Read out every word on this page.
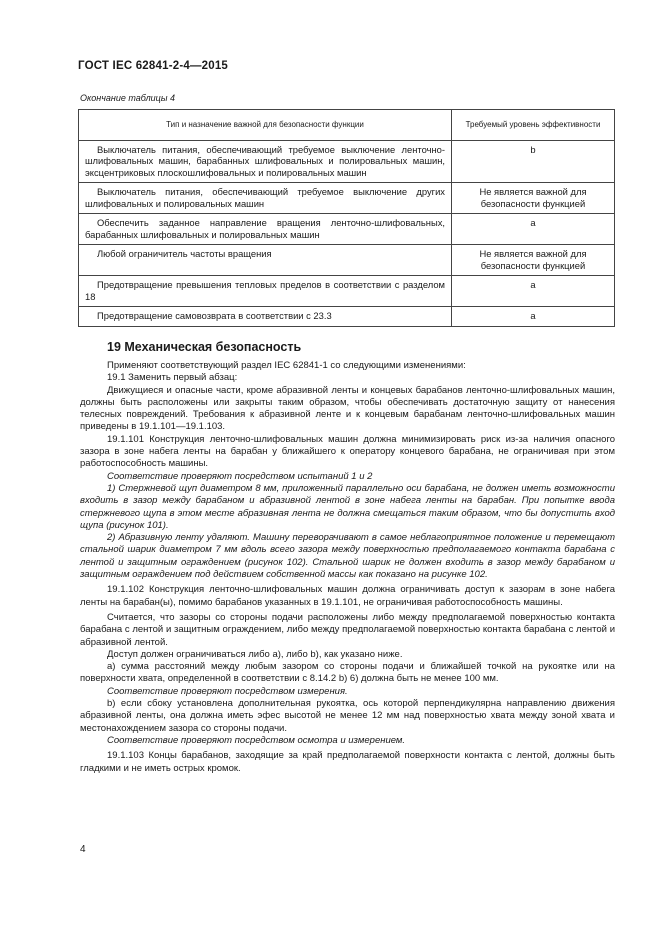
ГОСТ IEC 62841-2-4—2015
Окончание таблицы 4
Тип и назначение важной для безопасности функции	Требуемый уровень эффективности
Выключатель питания, обеспечивающий требуемое выключение ленточно-шлифовальных машин, барабанных шлифовальных и полировальных машин, эксцентриковых плоскошлифовальных и полировальных машин	b
Выключатель питания, обеспечивающий требуемое выключение других шлифовальных и полировальных машин	Не является важной для безопасности функцией
Обеспечить заданное направление вращения ленточно-шлифовальных, барабанных шлифовальных и полировальных машин	a
Любой ограничитель частоты вращения	Не является важной для безопасности функцией
Предотвращение превышения тепловых пределов в соответствии с разделом 18	a
Предотвращение самовозврата в соответствии с 23.3	a
19 Механическая безопасность

Применяют соответствующий раздел IEC 62841-1 со следующими изменениями:

19.1 Заменить первый абзац:

Движущиеся и опасные части, кроме абразивной ленты и концевых барабанов ленточно-шлифовальных машин, должны быть расположены или закрыты таким образом, чтобы обеспечивать достаточную защиту от нанесения телесных повреждений. Требования к абразивной ленте и к концевым барабанам ленточно-шлифовальных машин приведены в 19.1.101—19.1.103.

19.1.101 Конструкция ленточно-шлифовальных машин должна минимизировать риск из-за наличия опасного зазора в зоне набега ленты на барабан у ближайшего к оператору концевого барабана, не ограничивая при этом работоспособность машины.

Соответствие проверяют посредством испытаний 1 и 2

1) Стержневой щуп диаметром 8 мм, приложенный параллельно оси барабана, не должен иметь возможности входить в зазор между барабаном и абразивной лентой в зоне набега ленты на барабан. При попытке ввода стержневого щупа в этом месте абразивная лента не должна смещаться таким образом, что бы допустить вход щупа (рисунок 101).

2) Абразивную ленту удаляют. Машину переворачивают в самое неблагоприятное положение и перемещают стальной шарик диаметром 7 мм вдоль всего зазора между поверхностью предполагаемого контакта барабана с лентой и защитным ограждением (рисунок 102). Стальной шарик не должен входить в зазор между барабаном и защитным ограждением под действием собственной массы как показано на рисунке 102.

19.1.102 Конструкция ленточно-шлифовальных машин должна ограничивать доступ к зазорам в зоне набега ленты на барабан(ы), помимо барабанов указанных в 19.1.101, не ограничивая работоспособность машины.

Считается, что зазоры со стороны подачи расположены либо между предполагаемой поверхностью контакта барабана с лентой и защитным ограждением, либо между предполагаемой поверхностью контакта барабана с лентой и абразивной лентой.

Доступ должен ограничиваться либо a), либо b), как указано ниже.

a) сумма расстояний между любым зазором со стороны подачи и ближайшей точкой на рукоятке или на поверхности хвата, определенной в соответствии с 8.14.2 b) 6) должна быть не менее 100 мм.

Соответствие проверяют посредством измерения.

b) если сбоку установлена дополнительная рукоятка, ось которой перпендикулярна направлению движения абразивной ленты, она должна иметь эфес высотой не менее 12 мм над поверхностью хвата между зоной хвата и местонахождением зазора со стороны подачи.

Соответствие проверяют посредством осмотра и измерением.

19.1.103 Концы барабанов, заходящие за край предполагаемой поверхности контакта с лентой, должны быть гладкими и не иметь острых кромок.

4
